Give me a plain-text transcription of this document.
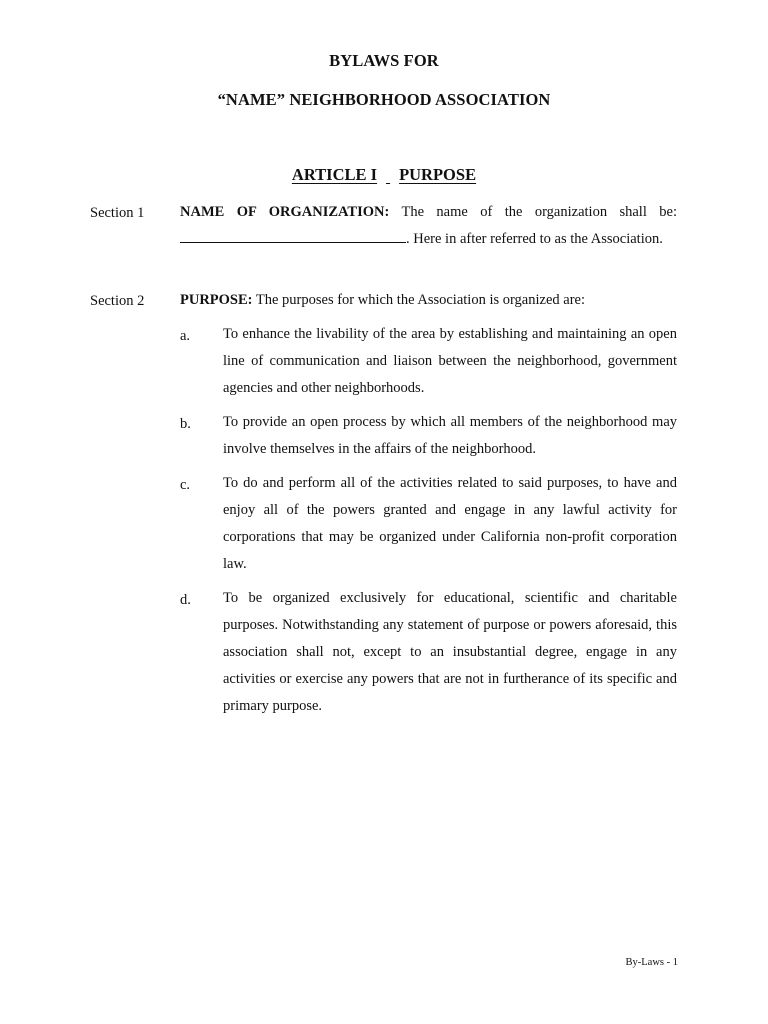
BYLAWS FOR
“NAME” NEIGHBORHOOD ASSOCIATION
ARTICLE I PURPOSE
Section 1 NAME OF ORGANIZATION: The name of the organization shall be:. Here in after referred to as the Association.
Section 2 PURPOSE: The purposes for which the Association is organized are:
a. To enhance the livability of the area by establishing and maintaining an open line of communication and liaison between the neighborhood, government agencies and other neighborhoods.
b. To provide an open process by which all members of the neighborhood may involve themselves in the affairs of the neighborhood.
c. To do and perform all of the activities related to said purposes, to have and enjoy all of the powers granted and engage in any lawful activity for corporations that may be organized under California non-profit corporation law.
d. To be organized exclusively for educational, scientific and charitable purposes. Notwithstanding any statement of purpose or powers aforesaid, this association shall not, except to an insubstantial degree, engage in any activities or exercise any powers that are not in furtherance of its specific and primary purpose.
By-Laws - 1
